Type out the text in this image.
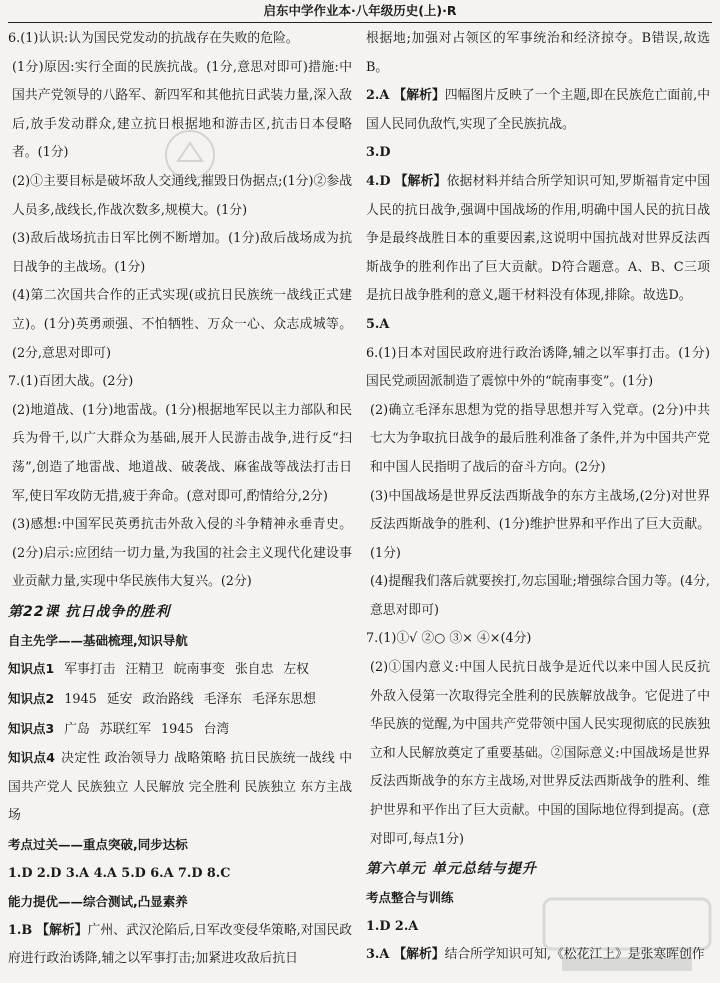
启东中学作业本·八年级历史(上)·R

6.(1)认识:认为国民党发动的抗战存在失败的危险。

(1分)原因:实行全面的民族抗战。(1分,意思对即可)措施:中国共产党领导的八路军、新四军和其他抗日武装力量,深入敌后,放手发动群众,建立抗日根据地和游击区,抗击日本侵略者。(1分)

(2)①主要目标是破坏敌人交通线,摧毁日伪据点;(1分)②参战人员多,战线长,作战次数多,规模大。(1分)

(3)敌后战场抗击日军比例不断增加。(1分)敌后战场成为抗日战争的主战场。(1分)

(4)第二次国共合作的正式实现(或抗日民族统一战线正式建立)。(1分)英勇顽强、不怕牺牲、万众一心、众志成城等。(2分,意思对即可)

7.(1)百团大战。(2分)

(2)地道战、(1分)地雷战。(1分)根据地军民以主力部队和民兵为骨干,以广大群众为基础,展开人民游击战争,进行反“扫荡”,创造了地雷战、地道战、破袭战、麻雀战等战法打击日军,使日军攻防无措,疲于奔命。(意对即可,酌情给分,2分)

(3)感想:中国军民英勇抗击外敌入侵的斗争精神永垂青史。(2分)启示:应团结一切力量,为我国的社会主义现代化建设事业贡献力量,实现中华民族伟大复兴。(2分)

第22课 抗日战争的胜利

自主先学——基础梳理,知识导航

知识点1 军事打击 汪精卫 皖南事变 张自忠 左权

知识点2 1945 延安 政治路线 毛泽东 毛泽东思想

知识点3 广岛 苏联红军 1945 台湾

知识点4 决定性 政治领导力 战略策略 抗日民族统一战线 中国共产党人 民族独立 人民解放 完全胜利 民族独立 东方主战场

考点过关——重点突破,同步达标

1.D 2.D 3.A 4.A 5.D 6.A 7.D 8.C

能力提优——综合测试,凸显素养

1.B 【解析】广州、武汉沦陷后,日军改变侵华策略,对国民政府进行政治诱降,辅之以军事打击;加紧进攻敌后抗日

根据地;加强对占领区的军事统治和经济掠夺。B错误,故选B。

2.A 【解析】四幅图片反映了一个主题,即在民族危亡面前,中国人民同仇敌忾,实现了全民族抗战。

3.D

4.D 【解析】依据材料并结合所学知识可知,罗斯福肯定中国人民的抗日战争,强调中国战场的作用,明确中国人民的抗日战争是最终战胜日本的重要因素,这说明中国抗战对世界反法西斯战争的胜利作出了巨大贡献。D符合题意。A、B、C三项是抗日战争胜利的意义,题干材料没有体现,排除。故选D。

5.A

6.(1)日本对国民政府进行政治诱降,辅之以军事打击。(1分)国民党顽固派制造了震惊中外的“皖南事变”。(1分)

(2)确立毛泽东思想为党的指导思想并写入党章。(2分)中共七大为争取抗日战争的最后胜利准备了条件,并为中国共产党和中国人民指明了战后的奋斗方向。(2分)

(3)中国战场是世界反法西斯战争的东方主战场,(2分)对世界反法西斯战争的胜利、(1分)维护世界和平作出了巨大贡献。(1分)

(4)提醒我们落后就要挨打,勿忘国耻;增强综合国力等。(4分,意思对即可)

7.(1)①√ ②○ ③× ④×(4分)

(2)①国内意义:中国人民抗日战争是近代以来中国人民反抗外敌入侵第一次取得完全胜利的民族解放战争。它促进了中华民族的觉醒,为中国共产党带领中国人民实现彻底的民族独立和人民解放奠定了重要基础。②国际意义:中国战场是世界反法西斯战争的东方主战场,对世界反法西斯战争的胜利、维护世界和平作出了巨大贡献。中国的国际地位得到提高。(意对即可,每点1分)

第六单元 单元总结与提升

考点整合与训练

1.D 2.A

3.A 【解析】结合所学知识可知,《松花江上》是张寒晖创作
